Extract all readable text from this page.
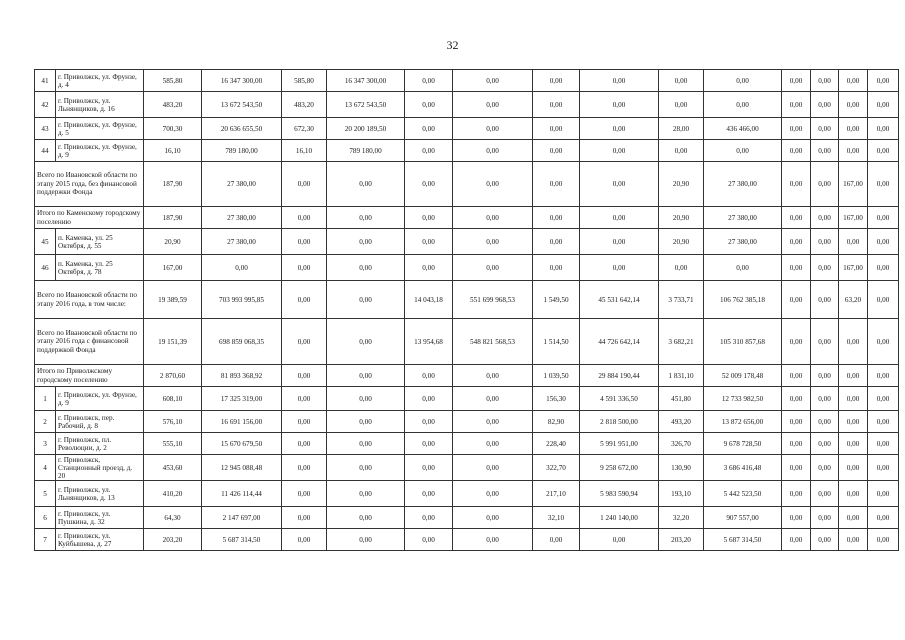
32
41	г. Приволжск, ул. Фрунзе, д. 4	585,80	16 347 300,00	585,80	16 347 300,00	0,00	0,00	0,00	0,00	0,00	0,00	0,00	0,00	0,00	0,00
42	г. Приволжск, ул. Льнянщиков, д. 16	483,20	13 672 543,50	483,20	13 672 543,50	0,00	0,00	0,00	0,00	0,00	0,00	0,00	0,00	0,00	0,00
43	г. Приволжск, ул. Фрунзе, д. 5	700,30	20 636 655,50	672,30	20 200 189,50	0,00	0,00	0,00	0,00	28,00	436 466,00	0,00	0,00	0,00	0,00
44	г. Приволжск, ул. Фрунзе, д. 9	16,10	789 180,00	16,10	789 180,00	0,00	0,00	0,00	0,00	0,00	0,00	0,00	0,00	0,00	0,00
Всего по Ивановской области по этапу 2015 года, без финансовой поддержки Фонда		187,90	27 380,00	0,00	0,00	0,00	0,00	0,00	0,00	20,90	27 380,00	0,00	0,00	167,00	0,00
Итого по Каменскому городскому поселению		187,90	27 380,00	0,00	0,00	0,00	0,00	0,00	0,00	20,90	27 380,00	0,00	0,00	167,00	0,00
45	п. Каменка, ул. 25 Октября, д. 55	20,90	27 380,00	0,00	0,00	0,00	0,00	0,00	0,00	20,90	27 380,00	0,00	0,00	0,00	0,00
46	п. Каменка, ул. 25 Октября, д. 78	167,00	0,00	0,00	0,00	0,00	0,00	0,00	0,00	0,00	0,00	0,00	0,00	167,00	0,00
Всего по Ивановской области по этапу 2016 года, в том числе:		19 389,59	703 993 995,85	0,00	0,00	14 043,18	551 699 968,53	1 549,50	45 531 642,14	3 733,71	106 762 385,18	0,00	0,00	63,20	0,00
Всего по Ивановской области по этапу 2016 года с финансовой поддержкой Фонда		19 151,39	698 859 068,35	0,00	0,00	13 954,68	548 821 568,53	1 514,50	44 726 642,14	3 682,21	105 310 857,68	0,00	0,00	0,00	0,00
Итого по Приволжскому городскому поселению		2 870,60	81 893 368,92	0,00	0,00	0,00	0,00	1 039,50	29 884 190,44	1 831,10	52 009 178,48	0,00	0,00	0,00	0,00
1	г. Приволжск, ул. Фрунзе, д. 9	608,10	17 325 319,00	0,00	0,00	0,00	0,00	156,30	4 591 336,50	451,80	12 733 982,50	0,00	0,00	0,00	0,00
2	г. Приволжск, пер. Рабочий, д. 8	576,10	16 691 156,00	0,00	0,00	0,00	0,00	82,90	2 818 500,00	493,20	13 872 656,00	0,00	0,00	0,00	0,00
3	г. Приволжск, пл. Революции, д. 2	555,10	15 670 679,50	0,00	0,00	0,00	0,00	228,40	5 991 951,00	326,70	9 678 728,50	0,00	0,00	0,00	0,00
4	г. Приволжск, Станционный проезд, д. 20	453,60	12 945 088,48	0,00	0,00	0,00	0,00	322,70	9 258 672,00	130,90	3 686 416,48	0,00	0,00	0,00	0,00
5	г. Приволжск, ул. Льнянщиков, д. 13	410,20	11 426 114,44	0,00	0,00	0,00	0,00	217,10	5 983 590,94	193,10	5 442 523,50	0,00	0,00	0,00	0,00
6	г. Приволжск, ул. Пушкина, д. 32	64,30	2 147 697,00	0,00	0,00	0,00	0,00	32,10	1 240 140,00	32,20	907 557,00	0,00	0,00	0,00	0,00
7	г. Приволжск, ул. Куйбышева, д. 27	203,20	5 687 314,50	0,00	0,00	0,00	0,00	0,00	0,00	203,20	5 687 314,50	0,00	0,00	0,00	0,00
